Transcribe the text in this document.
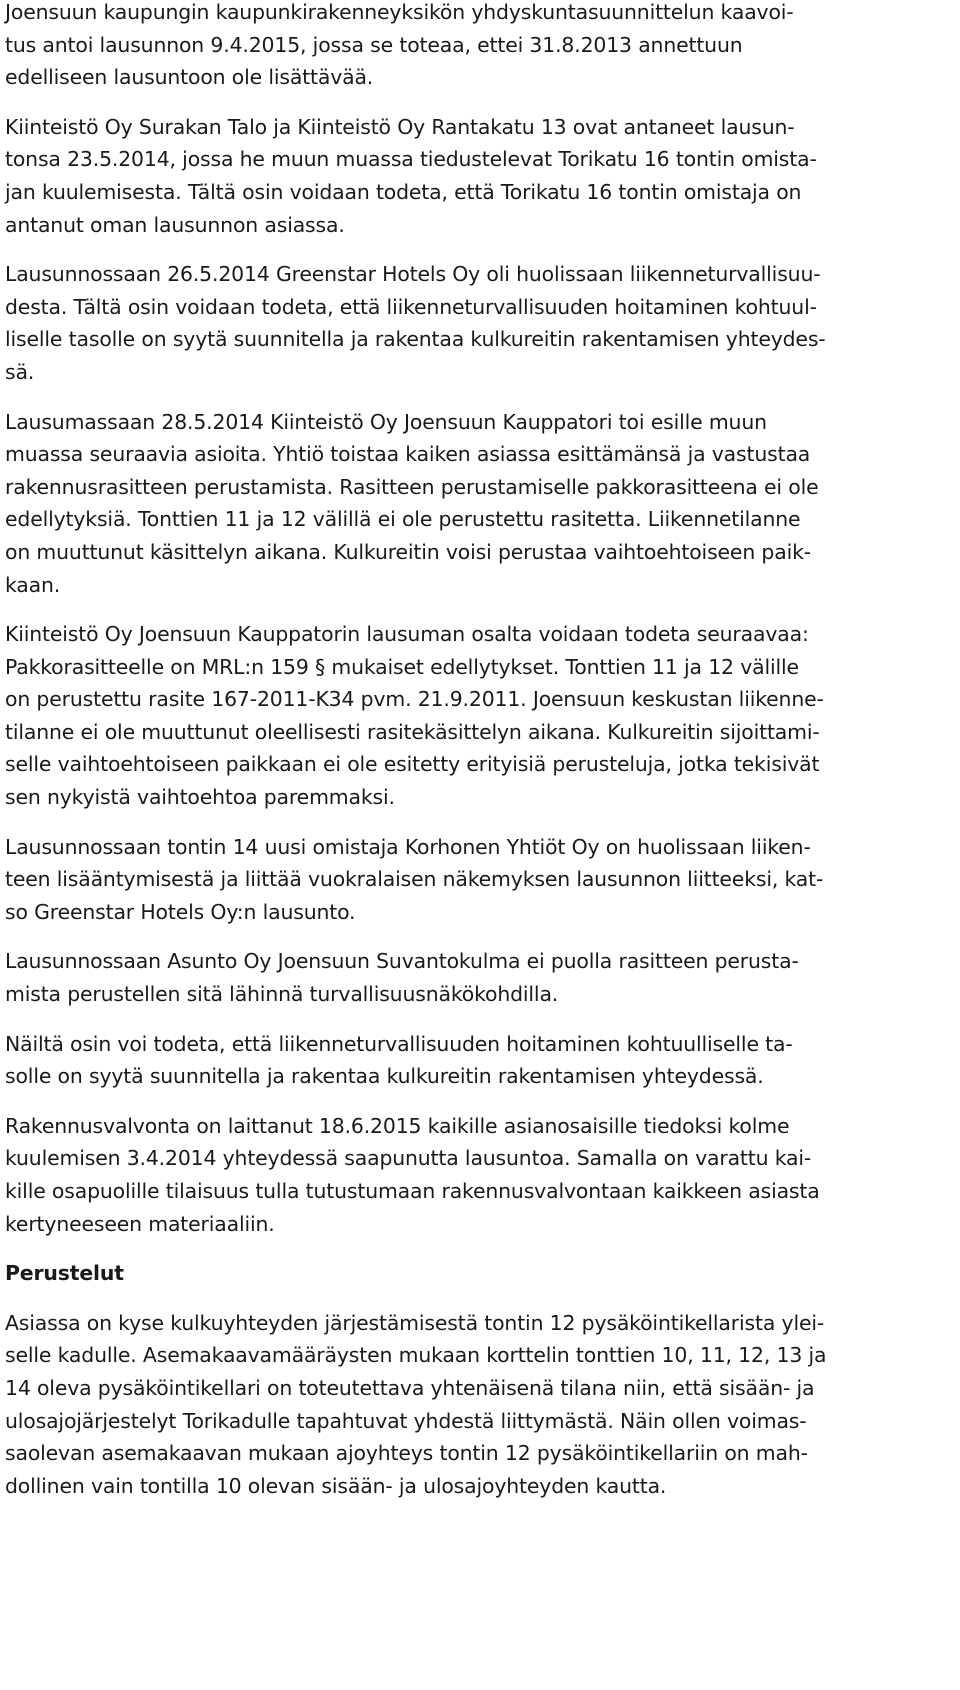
Joensuun kaupungin kaupunkirakenneyksikön yhdyskuntasuunnittelun kaavoi-
tus antoi lausunnon 9.4.2015, jossa se toteaa, ettei 31.8.2013 annettuun
edelliseen lausuntoon ole lisättävää.
Kiinteistö Oy Surakan Talo ja Kiinteistö Oy Rantakatu 13 ovat antaneet lausun-
tonsa 23.5.2014, jossa he muun muassa tiedustelevat Torikatu 16 tontin omista-
jan kuulemisesta. Tältä osin voidaan todeta, että Torikatu 16 tontin omistaja on
antanut oman lausunnon asiassa.
Lausunnossaan 26.5.2014 Greenstar Hotels Oy oli huolissaan liikenneturvallisuu-
desta. Tältä osin voidaan todeta, että liikenneturvallisuuden hoitaminen kohtuul-
liselle tasolle on syytä suunnitella ja rakentaa kulkureitin rakentamisen yhteydes-
sä.
Lausumassaan 28.5.2014 Kiinteistö Oy Joensuun Kauppatori toi esille muun
muassa seuraavia asioita. Yhtiö toistaa kaiken asiassa esittämänsä ja vastustaa
rakennusrasitteen perustamista. Rasitteen perustamiselle pakkorasitteena ei ole
edellytyksiä. Tonttien 11 ja 12 välillä ei ole perustettu rasitetta. Liikennetilanne
on muuttunut käsittelyn aikana. Kulkureitin voisi perustaa vaihtoehtoiseen paik-
kaan.
Kiinteistö Oy Joensuun Kauppatorin lausuman osalta voidaan todeta seuraavaa:
Pakkorasitteelle on MRL:n 159 § mukaiset edellytykset. Tonttien 11 ja 12 välille
on perustettu rasite 167-2011-K34 pvm. 21.9.2011. Joensuun keskustan liikenne-
tilanne ei ole muuttunut oleellisesti rasitekäsittelyn aikana. Kulkureitin sijoittami-
selle vaihtoehtoiseen paikkaan ei ole esitetty erityisiä perusteluja, jotka tekisivät
sen nykyistä vaihtoehtoa paremmaksi.
Lausunnossaan tontin 14 uusi omistaja Korhonen Yhtiöt Oy on huolissaan liiken-
teen lisääntymisestä ja liittää vuokralaisen näkemyksen lausunnon liitteeksi, kat-
so Greenstar Hotels Oy:n lausunto.
Lausunnossaan Asunto Oy Joensuun Suvantokulma ei puolla rasitteen perusta-
mista perustellen sitä lähinnä turvallisuusnäkökohdilla.
Näiltä osin voi todeta, että liikenneturvallisuuden hoitaminen kohtuulliselle ta-
solle on syytä suunnitella ja rakentaa kulkureitin rakentamisen yhteydessä.
Rakennusvalvonta on laittanut 18.6.2015 kaikille asianosaisille tiedoksi kolme
kuulemisen 3.4.2014 yhteydessä saapunutta lausuntoa. Samalla on varattu kai-
kille osapuolille tilaisuus tulla tutustumaan rakennusvalvontaan kaikkeen asiasta
kertyneeseen materiaaliin.
Perustelut
Asiassa on kyse kulkuyhteyden järjestämisestä tontin 12 pysäköintikellarista ylei-
selle kadulle. Asemakaavamääräysten mukaan korttelin tonttien 10, 11, 12, 13 ja
14 oleva pysäköintikellari on toteutettava yhtenäisenä tilana niin, että sisään- ja
ulosajojärjestelyt Torikadulle tapahtuvat yhdestä liittymästä. Näin ollen voimas-
saolevan asemakaavan mukaan ajoyhteys tontin 12 pysäköintikellariin on mah-
dollinen vain tontilla 10 olevan sisään- ja ulosajoyhteyden kautta.
